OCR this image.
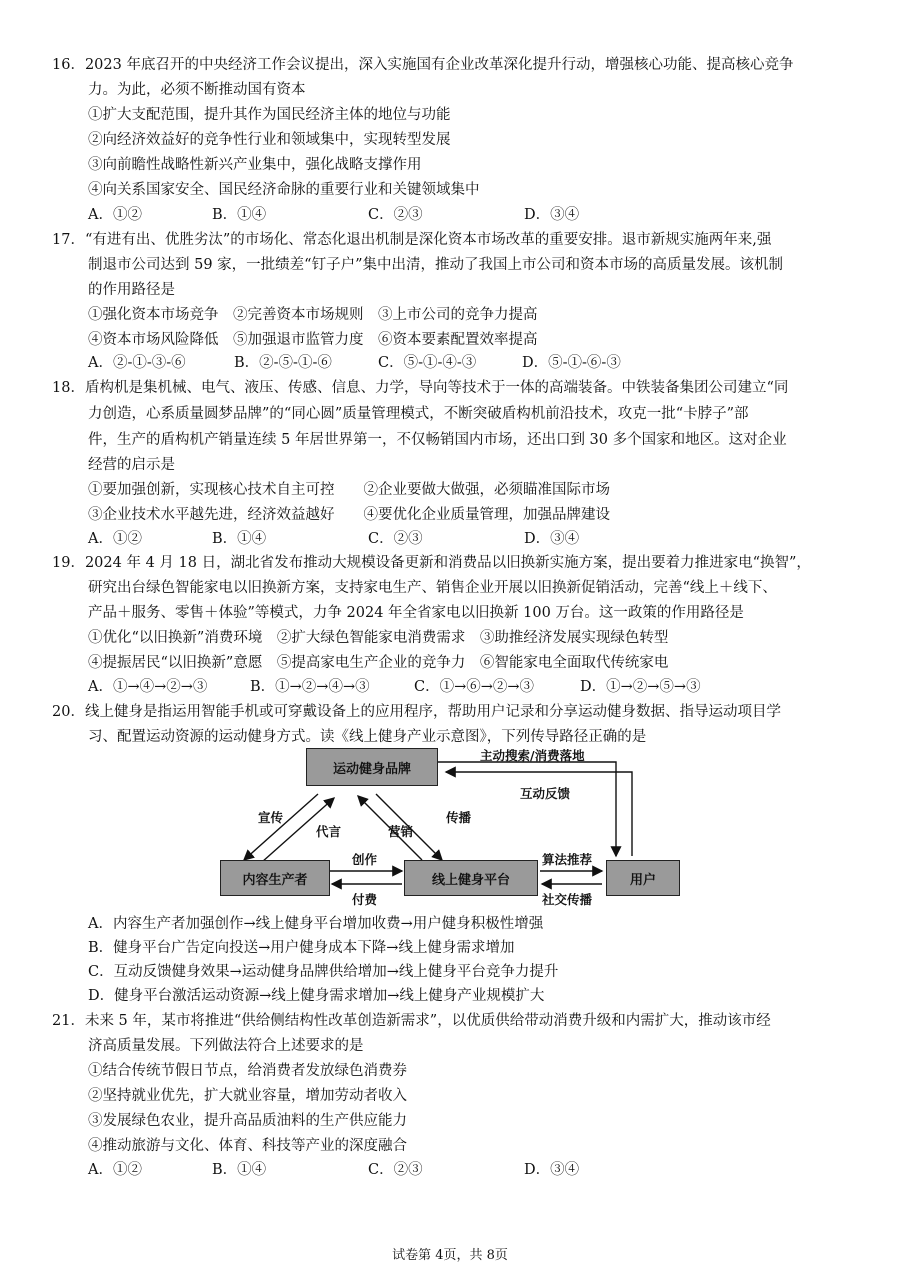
16．2023 年底召开的中央经济工作会议提出，深入实施国有企业改革深化提升行动，增强核心功能、提高核心竞争
力。为此，必须不断推动国有资本
①扩大支配范围，提升其作为国民经济主体的地位与功能
②向经济效益好的竞争性行业和领域集中，实现转型发展
③向前瞻性战略性新兴产业集中，强化战略支撑作用
④向关系国家安全、国民经济命脉的重要行业和关键领域集中
A．①②	B．①④	C．②③	D．③④
17．“有进有出、优胜劣汰”的市场化、常态化退出机制是深化资本市场改革的重要安排。退市新规实施两年来,强
制退市公司达到 59 家，一批绩差“钉子户”集中出清，推动了我国上市公司和资本市场的高质量发展。该机制
的作用路径是
①强化资本市场竞争　②完善资本市场规则　③上市公司的竞争力提高
④资本市场风险降低　⑤加强退市监管力度　⑥资本要素配置效率提高
A．②-①-③-⑥	B．②-⑤-①-⑥	C．⑤-①-④-③	D．⑤-①-⑥-③
18．盾构机是集机械、电气、液压、传感、信息、力学，导向等技术于一体的高端装备。中铁装备集团公司建立“同
力创造，心系质量圆梦品牌”的“同心圆”质量管理模式，不断突破盾构机前沿技术，攻克一批“卡脖子”部
件，生产的盾构机产销量连续 5 年居世界第一，不仅畅销国内市场，还出口到 30 多个国家和地区。这对企业
经营的启示是
①要加强创新，实现核心技术自主可控　　②企业要做大做强，必须瞄准国际市场
③企业技术水平越先进，经济效益越好　　④要优化企业质量管理，加强品牌建设
A．①②	B．①④	C．②③	D．③④
19．2024 年 4 月 18 日，湖北省发布推动大规模设备更新和消费品以旧换新实施方案，提出要着力推进家电“换智”，
研究出台绿色智能家电以旧换新方案，支持家电生产、销售企业开展以旧换新促销活动，完善“线上＋线下、
产品＋服务、零售＋体验”等模式，力争 2024 年全省家电以旧换新 100 万台。这一政策的作用路径是
①优化“以旧换新”消费环境　②扩大绿色智能家电消费需求　③助推经济发展实现绿色转型
④提振居民“以旧换新”意愿　⑤提高家电生产企业的竞争力　⑥智能家电全面取代传统家电
A．①→④→②→③	B．①→②→④→③	C．①→⑥→②→③	D．①→②→⑤→③
20．线上健身是指运用智能手机或可穿戴设备上的应用程序，帮助用户记录和分享运动健身数据、指导运动项目学
习、配置运动资源的运动健身方式。读《线上健身产业示意图》，下列传导路径正确的是
运动健身品牌
内容生产者	线上健身平台	用户
主动搜索/消费落地
互动反馈
宣传
代言	营销
传播
创作
付费
算法推荐
社交传播
A．内容生产者加强创作→线上健身平台增加收费→用户健身积极性增强
B．健身平台广告定向投送→用户健身成本下降→线上健身需求增加
C．互动反馈健身效果→运动健身品牌供给增加→线上健身平台竞争力提升
D．健身平台激活运动资源→线上健身需求增加→线上健身产业规模扩大
21．未来 5 年，某市将推进“供给侧结构性改革创造新需求”，以优质供给带动消费升级和内需扩大，推动该市经
济高质量发展。下列做法符合上述要求的是
①结合传统节假日节点，给消费者发放绿色消费券
②坚持就业优先，扩大就业容量，增加劳动者收入
③发展绿色农业，提升高品质油料的生产供应能力
④推动旅游与文化、体育、科技等产业的深度融合
A．①②	B．①④	C．②③	D．③④
试卷第 4页，共 8页
